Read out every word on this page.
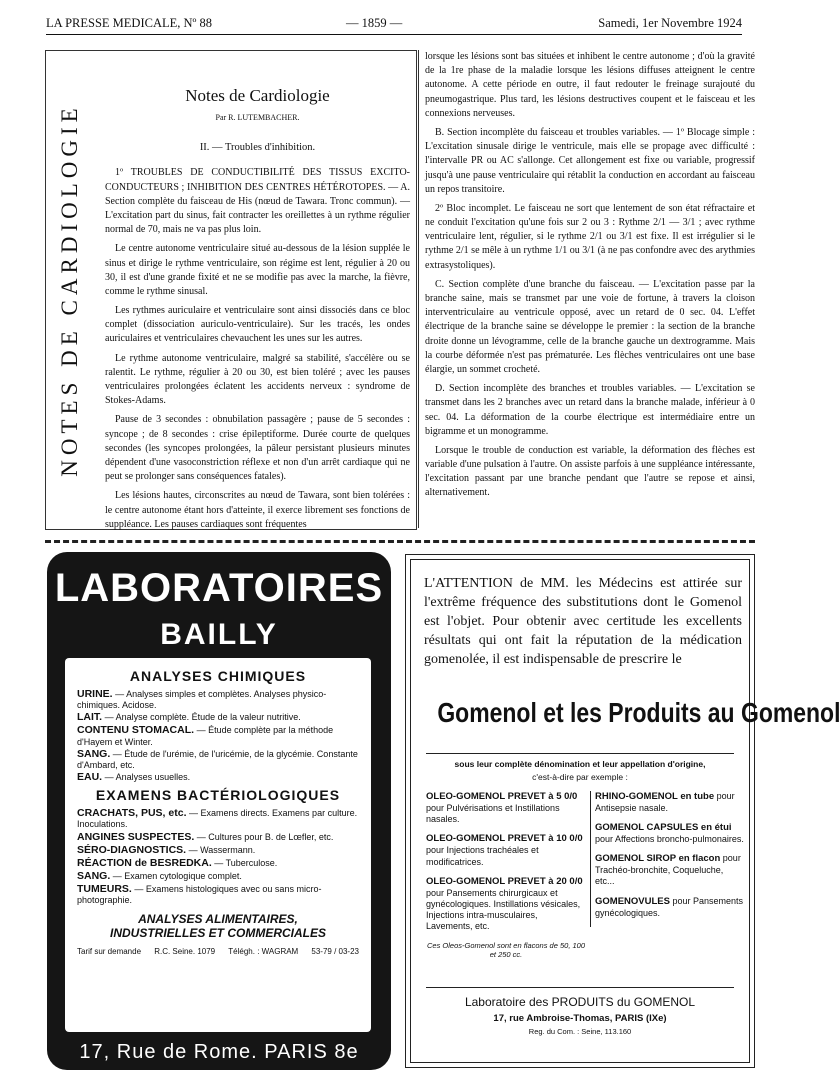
LA PRESSE MEDICALE, Nº 88	— 1859 —	Samedi, 1er Novembre 1924
NOTES DE CARDIOLOGIE
Notes de Cardiologie
Par R. LUTEMBACHER.
II. — Troubles d'inhibition.

1º TROUBLES DE CONDUCTIBILITÉ DES TISSUS EXCITO-CONDUCTEURS ; INHIBITION DES CENTRES HÉTÉROTOPES. — A. Section complète du faisceau de His (nœud de Tawara. Tronc commun). —L'excitation part du sinus, fait contracter les oreillettes à un rythme régulier normal de 70, mais ne va pas plus loin.

Le centre autonome ventriculaire situé au-dessous de la lésion supplée le sinus et dirige le rythme ventriculaire, son régime est lent, régulier à 20 ou 30, il est d'une grande fixité et ne se modifie pas avec la marche, la fièvre, comme le rythme sinusal.

Les rythmes auriculaire et ventriculaire sont ainsi dissociés dans ce bloc complet (dissociation auriculo-ventriculaire). Sur les tracés, les ondes auriculaires et ventriculaires chevauchent les unes sur les autres.

Le rythme autonome ventriculaire, malgré sa stabilité, s'accélère ou se ralentit. Le rythme, régulier à 20 ou 30, est bien toléré ; avec les pauses ventriculaires prolongées éclatent les accidents nerveux : syndrome de Stokes-Adams.

Pause de 3 secondes : obnubilation passagère ; pause de 5 secondes : syncope ; de 8 secondes : crise épileptiforme. Durée courte de quelques secondes (les syncopes prolongées, la pâleur persistant plusieurs minutes dépendent d'une vasoconstriction réflexe et non d'un arrêt cardiaque qui ne peut se prolonger sans conséquences fatales).

Les lésions hautes, circonscrites au nœud de Tawara, sont bien tolérées : le centre autonome étant hors d'atteinte, il exerce librement ses fonctions de suppléance. Les pauses cardiaques sont fréquentes

lorsque les lésions sont bas situées et inhibent le centre autonome ; d'où la gravité de la 1re phase de la maladie lorsque les lésions diffuses atteignent le centre autonome. A cette période en outre, il faut redouter le freinage surajouté du pneumogastrique. Plus tard, les lésions destructives coupent et le faisceau et les connexions nerveuses.

B. Section incomplète du faisceau et troubles variables. — 1º Blocage simple : L'excitation sinusale dirige le ventricule, mais elle se propage avec difficulté : l'intervalle PR ou AC s'allonge. Cet allongement est fixe ou variable, progressif jusqu'à une pause ventriculaire qui rétablit la conduction en accordant au faisceau un repos transitoire.

2º Bloc incomplet. Le faisceau ne sort que lentement de son état réfractaire et ne conduit l'excitation qu'une fois sur 2 ou 3 : Rythme 2/1 — 3/1 ; avec rythme ventriculaire lent, régulier, si le rythme 2/1 ou 3/1 est fixe. Il est irrégulier si le rythme 2/1 se mêle à un rythme 1/1 ou 3/1 (à ne pas confondre avec des arythmies extrasystoliques).

C. Section complète d'une branche du faisceau. — L'excitation passe par la branche saine, mais se transmet par une voie de fortune, à travers la cloison interventriculaire au ventricule opposé, avec un retard de 0 sec. 04. L'effet électrique de la branche saine se développe le premier : la section de la branche droite donne un lévogramme, celle de la branche gauche un dextrogramme. Mais la courbe déformée n'est pas prématurée. Les flèches ventriculaires ont une base élargie, un sommet crocheté.

D. Section incomplète des branches et troubles variables. — L'excitation se transmet dans les 2 branches avec un retard dans la branche malade, inférieur à 0 sec. 04. La déformation de la courbe électrique est intermédiaire entre un bigramme et un monogramme.

Lorsque le trouble de conduction est variable, la déformation des flèches est variable d'une pulsation à l'autre. On assiste parfois à une suppléance intéressante, l'excitation passant par une branche pendant que l'autre se repose et ainsi, alternativement.

LABORATOIRES
BAILLY
ANALYSES CHIMIQUES
URINE. — Analyses simples et complètes. Analyses physico-chimiques. Acidose.
LAIT. — Analyse complète. Étude de la valeur nutritive.
CONTENU STOMACAL. — Étude complète par la méthode d'Hayem et Winter.
SANG. — Étude de l'urémie, de l'uricémie, de la glycémie. Constante d'Ambard, etc.
EAU. — Analyses usuelles.
EXAMENS BACTÉRIOLOGIQUES
CRACHATS, PUS, etc. — Examens directs. Examens par culture. Inoculations.
ANGINES SUSPECTES. — Cultures pour B. de Lœfler, etc.
SÉRO-DIAGNOSTICS. — Wassermann.
RÉACTION de BESREDKA. — Tuberculose.
SANG. — Examen cytologique complet.
TUMEURS. — Examens histologiques avec ou sans micro-photographie.
ANALYSES ALIMENTAIRES,
INDUSTRIELLES ET COMMERCIALES
Tarif sur demande R.C. Seine. 1079 Télégh. : WAGRAM 53-79 / 03-23
17, Rue de Rome. PARIS 8e
L'ATTENTION de MM. les Médecins est attirée sur l'extrême fréquence des substitutions dont le Gomenol est l'objet. Pour obtenir avec certitude les excellents résultats qui ont fait la réputation de la médication gomenolée, il est indispensable de prescrire le
Gomenol et les Produits au Gomenol
sous leur complète dénomination et leur appellation d'origine,
c'est-à-dire par exemple :
OLEO-GOMENOL PREVET à 5 0/0 pour Pulvérisations et Instillations nasales.
OLEO-GOMENOL PREVET à 10 0/0 pour Injections trachéales et modificatrices.
OLEO-GOMENOL PREVET à 20 0/0 pour Pansements chirurgicaux et gynécologiques. Instillations vésicales, Injections intra-musculaires, Lavements, etc.
Ces Oleos-Gomenol sont en flacons de 50, 100 et 250 cc.
RHINO-GOMENOL en tube pour Antisepsie nasale.
GOMENOL CAPSULES en étui pour Affections broncho-pulmonaires.
GOMENOL SIROP en flacon pour Trachéo-bronchite, Coqueluche, etc...
GOMENOVULES pour Pansements gynécologiques.
Laboratoire des PRODUITS du GOMENOL
17, rue Ambroise-Thomas, PARIS (IXe)
Reg. du Com. : Seine, 113.160
